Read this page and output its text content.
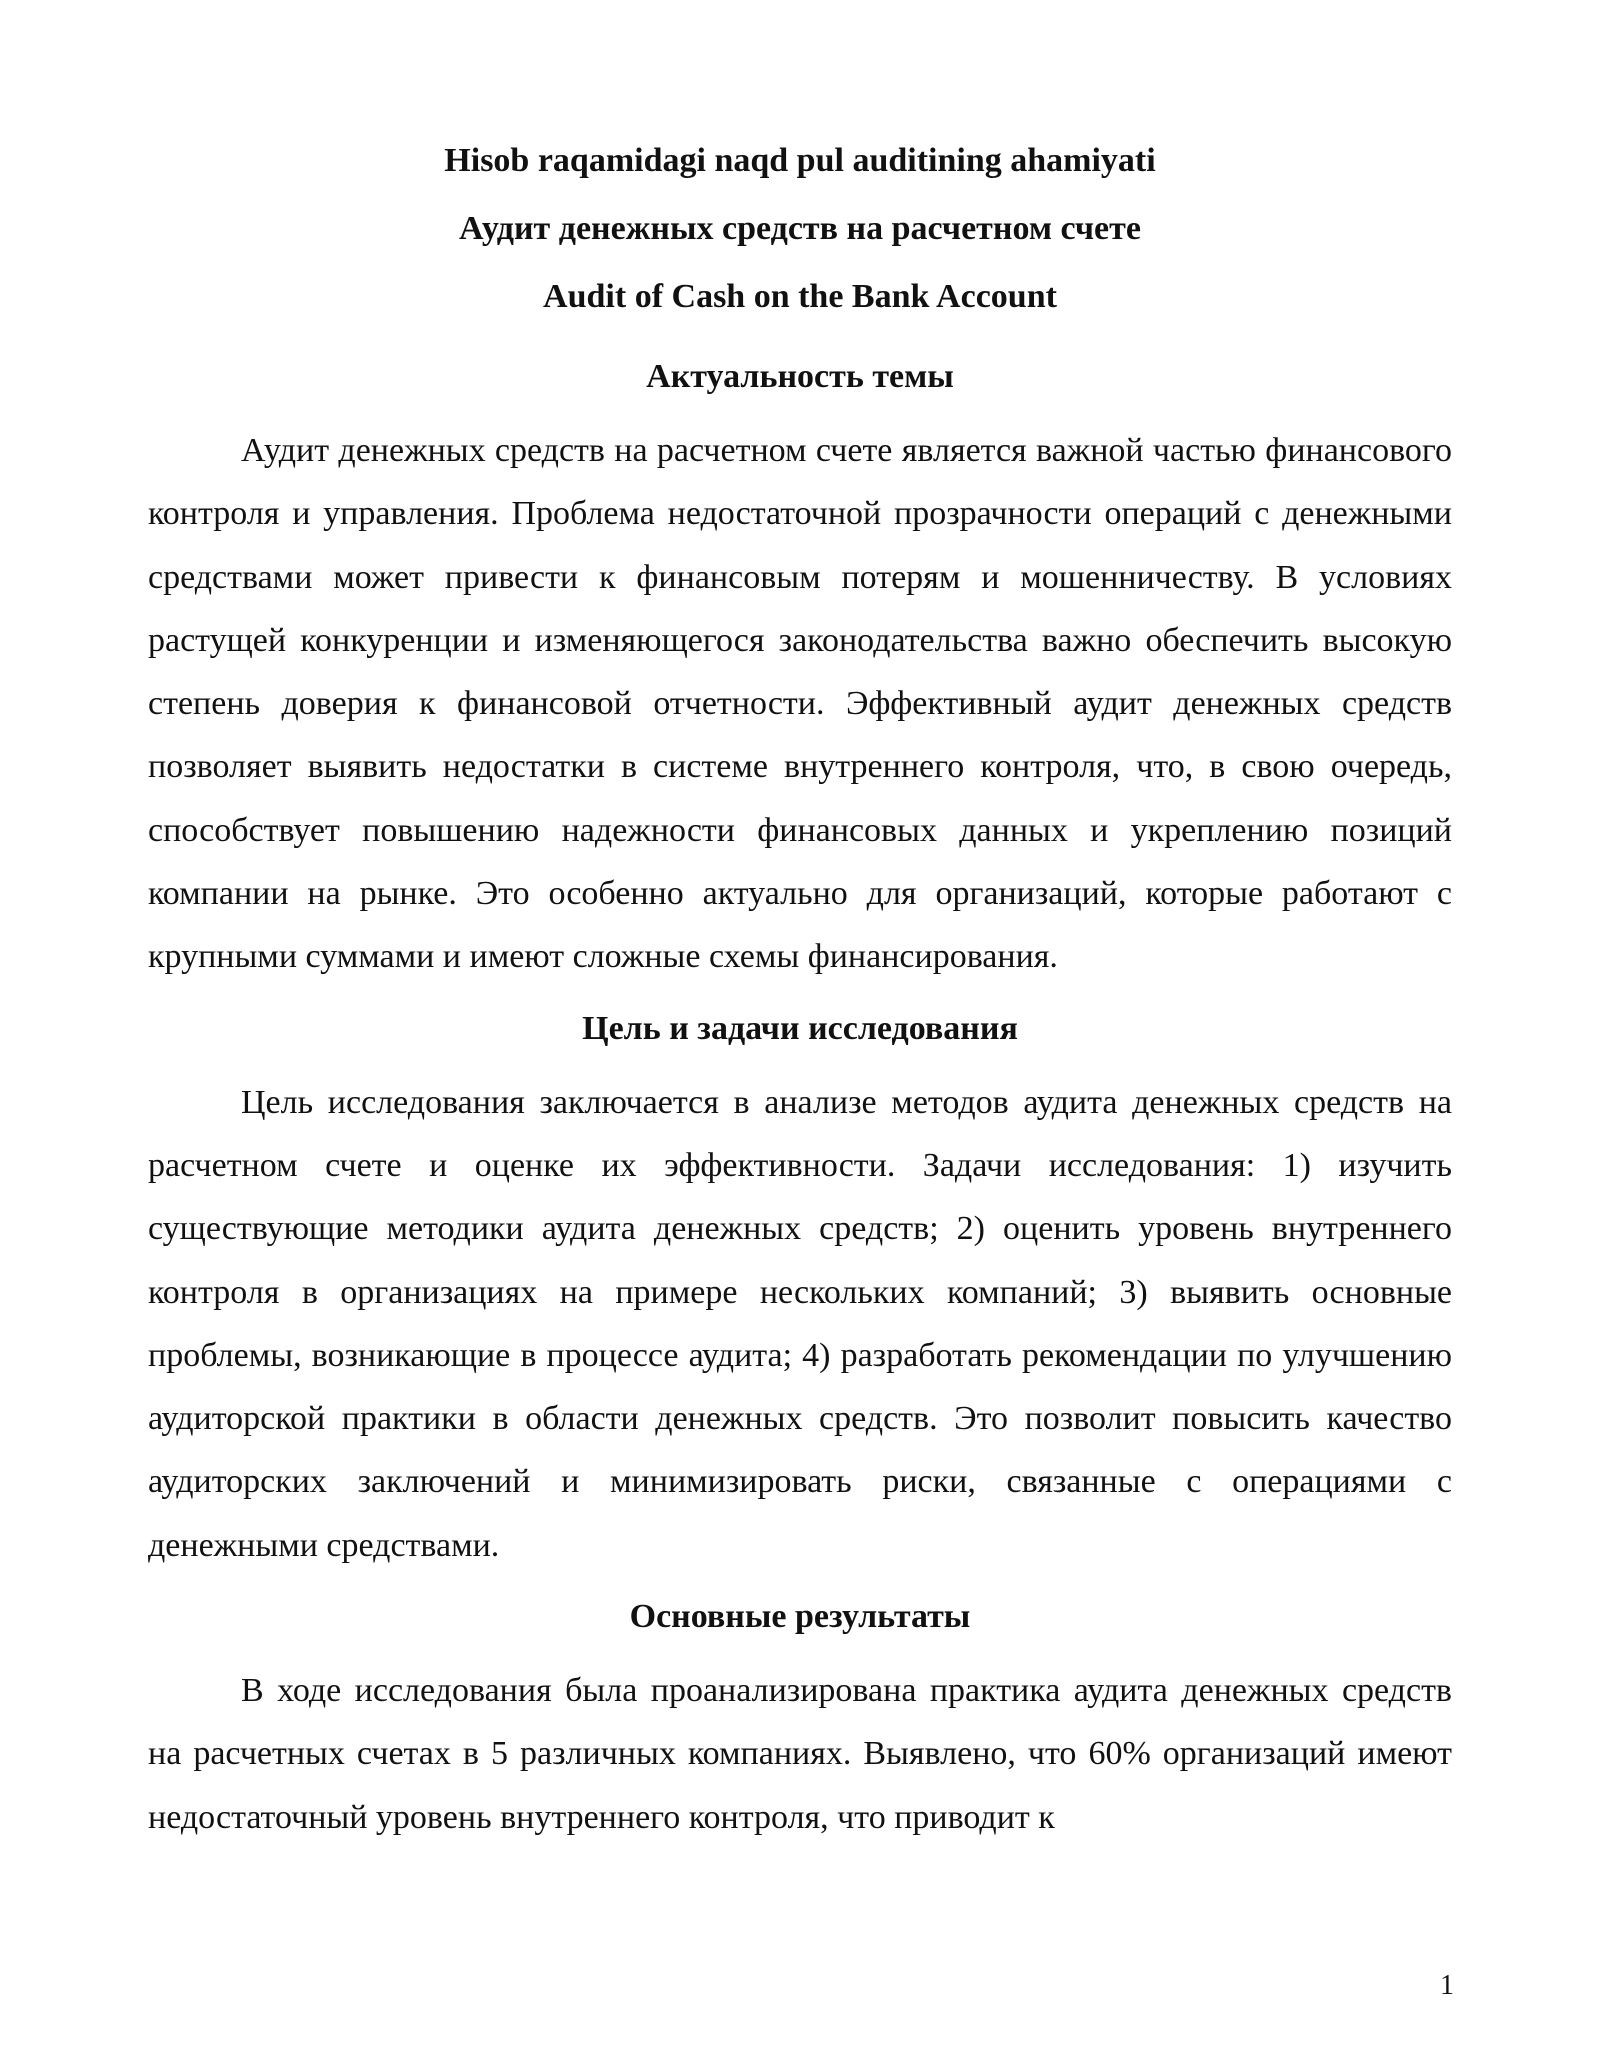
Hisob raqamidagi naqd pul auditining ahamiyati

Аудит денежных средств на расчетном счете

Audit of Cash on the Bank Account

Актуальность темы

Аудит денежных средств на расчетном счете является важной частью финансового контроля и управления. Проблема недостаточной прозрачности операций с денежными средствами может привести к финансовым потерям и мошенничеству. В условиях растущей конкуренции и изменяющегося законодательства важно обеспечить высокую степень доверия к финансовой отчетности. Эффективный аудит денежных средств позволяет выявить недостатки в системе внутреннего контроля, что, в свою очередь, способствует повышению надежности финансовых данных и укреплению позиций компании на рынке. Это особенно актуально для организаций, которые работают с крупными суммами и имеют сложные схемы финансирования.

Цель и задачи исследования

Цель исследования заключается в анализе методов аудита денежных средств на расчетном счете и оценке их эффективности. Задачи исследования: 1) изучить существующие методики аудита денежных средств; 2) оценить уровень внутреннего контроля в организациях на примере нескольких компаний; 3) выявить основные проблемы, возникающие в процессе аудита; 4) разработать рекомендации по улучшению аудиторской практики в области денежных средств. Это позволит повысить качество аудиторских заключений и минимизировать риски, связанные с операциями с денежными средствами.

Основные результаты

В ходе исследования была проанализирована практика аудита денежных средств на расчетных счетах в 5 различных компаниях. Выявлено, что 60% организаций имеют недостаточный уровень внутреннего контроля, что приводит к

1
